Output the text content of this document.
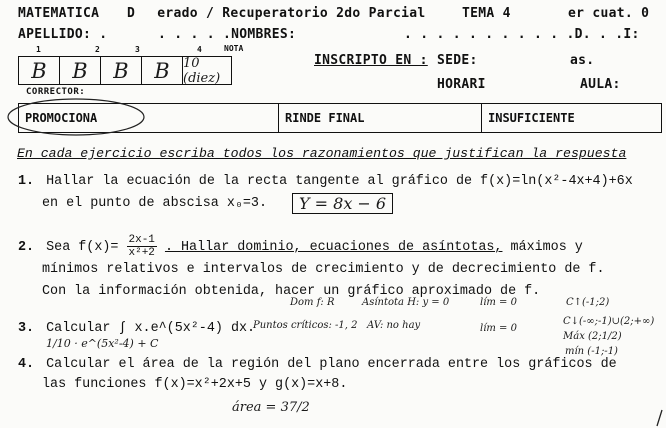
MATEMATICA D erado / Recuperatorio 2do Parcial	TEMA 4	er cuat. 0
APELLIDO: .	. . . . .NOMBRES:	. . . . . . . . . . .D. . .I:
1	2	3	4	NOTA
B	B	B	B	10 (diez)
INSCRIPTO EN : SEDE:	as.
HORARI	AULA:
CORRECTOR:
PROMOCIONA	RINDE FINAL	INSUFICIENTE
En cada ejercicio escriba todos los razonamientos que justifican la respuesta
1. Hallar la ecuación de la recta tangente al gráfico de f(x)=ln(x²-4x+4)+6x
en el punto de abscisa x₀=3.	Y = 8x − 6
2. Sea $f(x)= \frac{2x-1}{\text{x²+2}}$ . Hallar dominio, ecuaciones de asíntotas, máximos y
mínimos relativos e intervalos de crecimiento y de decrecimiento de f.
Con la información obtenida, hacer un gráfico aproximado de f.
Dom f: R	Asíntota H: y = 0
Puntos críticos: -1, 2 AV: no hay
lím = 0
lím = 0
C↑(-1;2)
C↓(-∞;-1)∪(2;+∞)
Máx (2;1/2)
mín (-1;-1)
3. Calcular ∫ x.e^(5x²-4) dx.
1/10 · e^(5x²-4) + C
4. Calcular el área de la región del plano encerrada entre los gráficos de
las funciones f(x)=x²+2x+5 y g(x)=x+8.
área = 37/2
